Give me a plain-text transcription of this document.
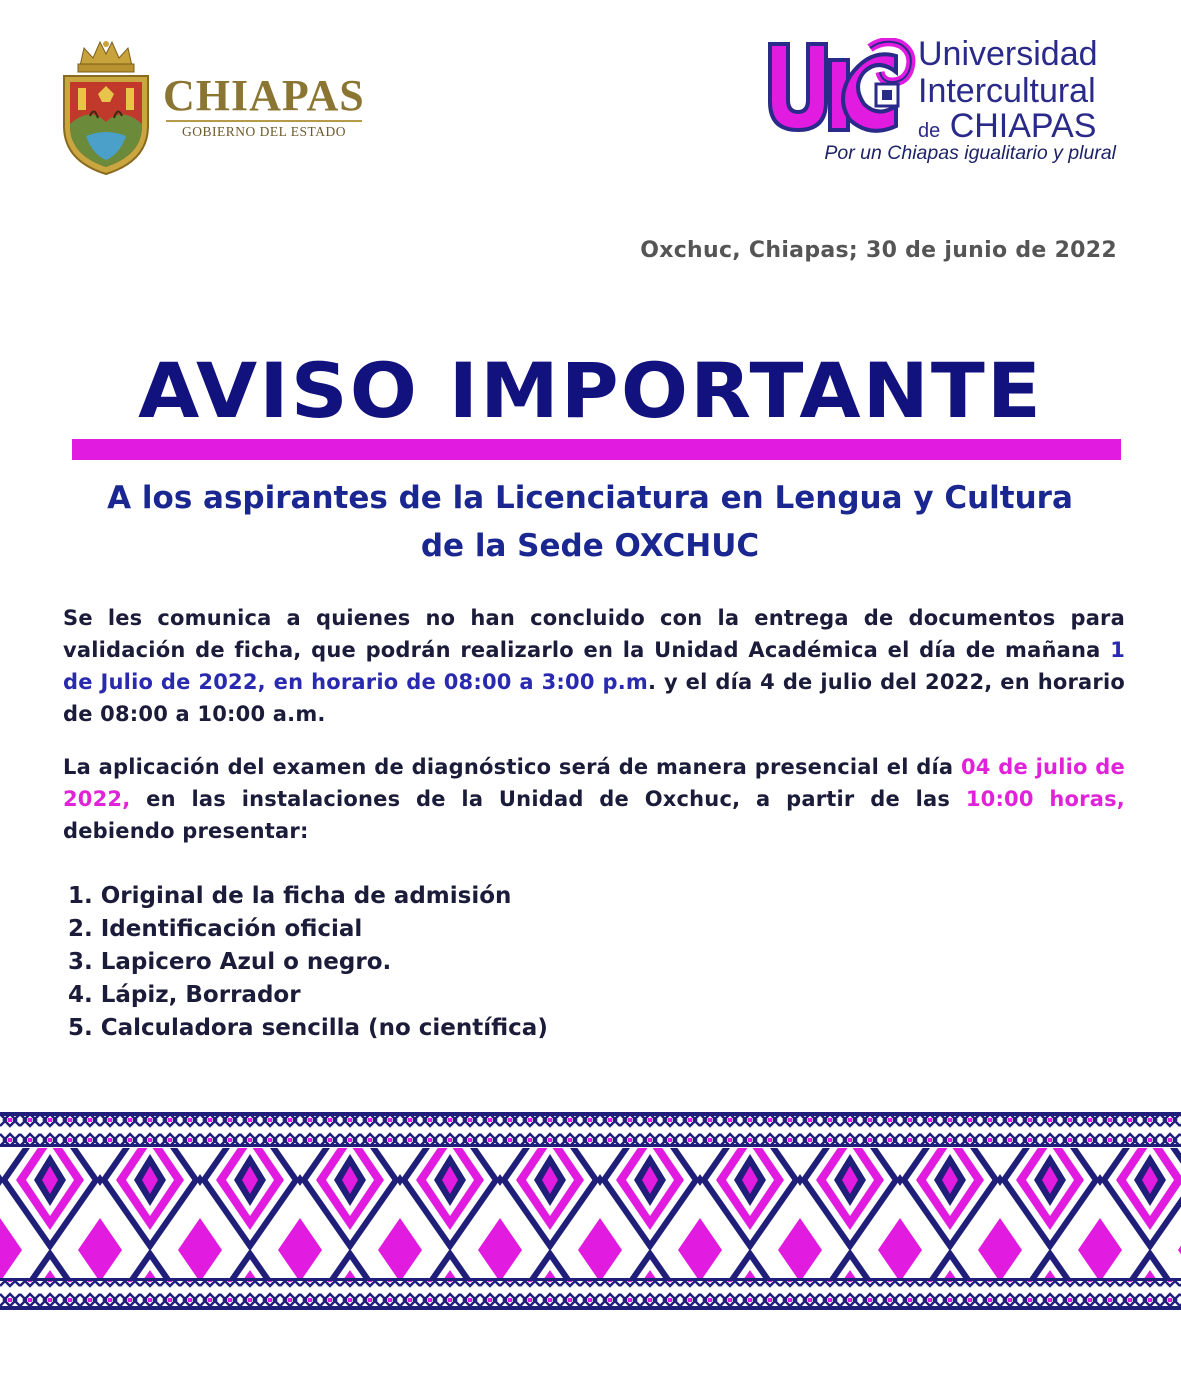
CHIAPAS
GOBIERNO DEL ESTADO
Universidad
Intercultural
de CHIAPAS
Por un Chiapas igualitario y plural
Oxchuc, Chiapas; 30 de junio de 2022
AVISO IMPORTANTE
A los aspirantes de la Licenciatura en Lengua y Cultura
de la Sede OXCHUC
Se les comunica a quienes no han concluido con la entrega de documentos para validación de ficha, que podrán realizarlo en la Unidad Académica el día de mañana 1 de Julio de 2022, en horario de 08:00 a 3:00 p.m. y el día 4 de julio del 2022, en horario de 08:00 a 10:00 a.m.
La aplicación del examen de diagnóstico será de manera presencial el día 04 de julio de 2022, en las instalaciones de la Unidad de Oxchuc, a partir de las 10:00 horas, debiendo presentar:
1. Original de la ficha de admisión
2. Identificación oficial
3. Lapicero Azul o negro.
4. Lápiz, Borrador
5. Calculadora sencilla (no científica)
